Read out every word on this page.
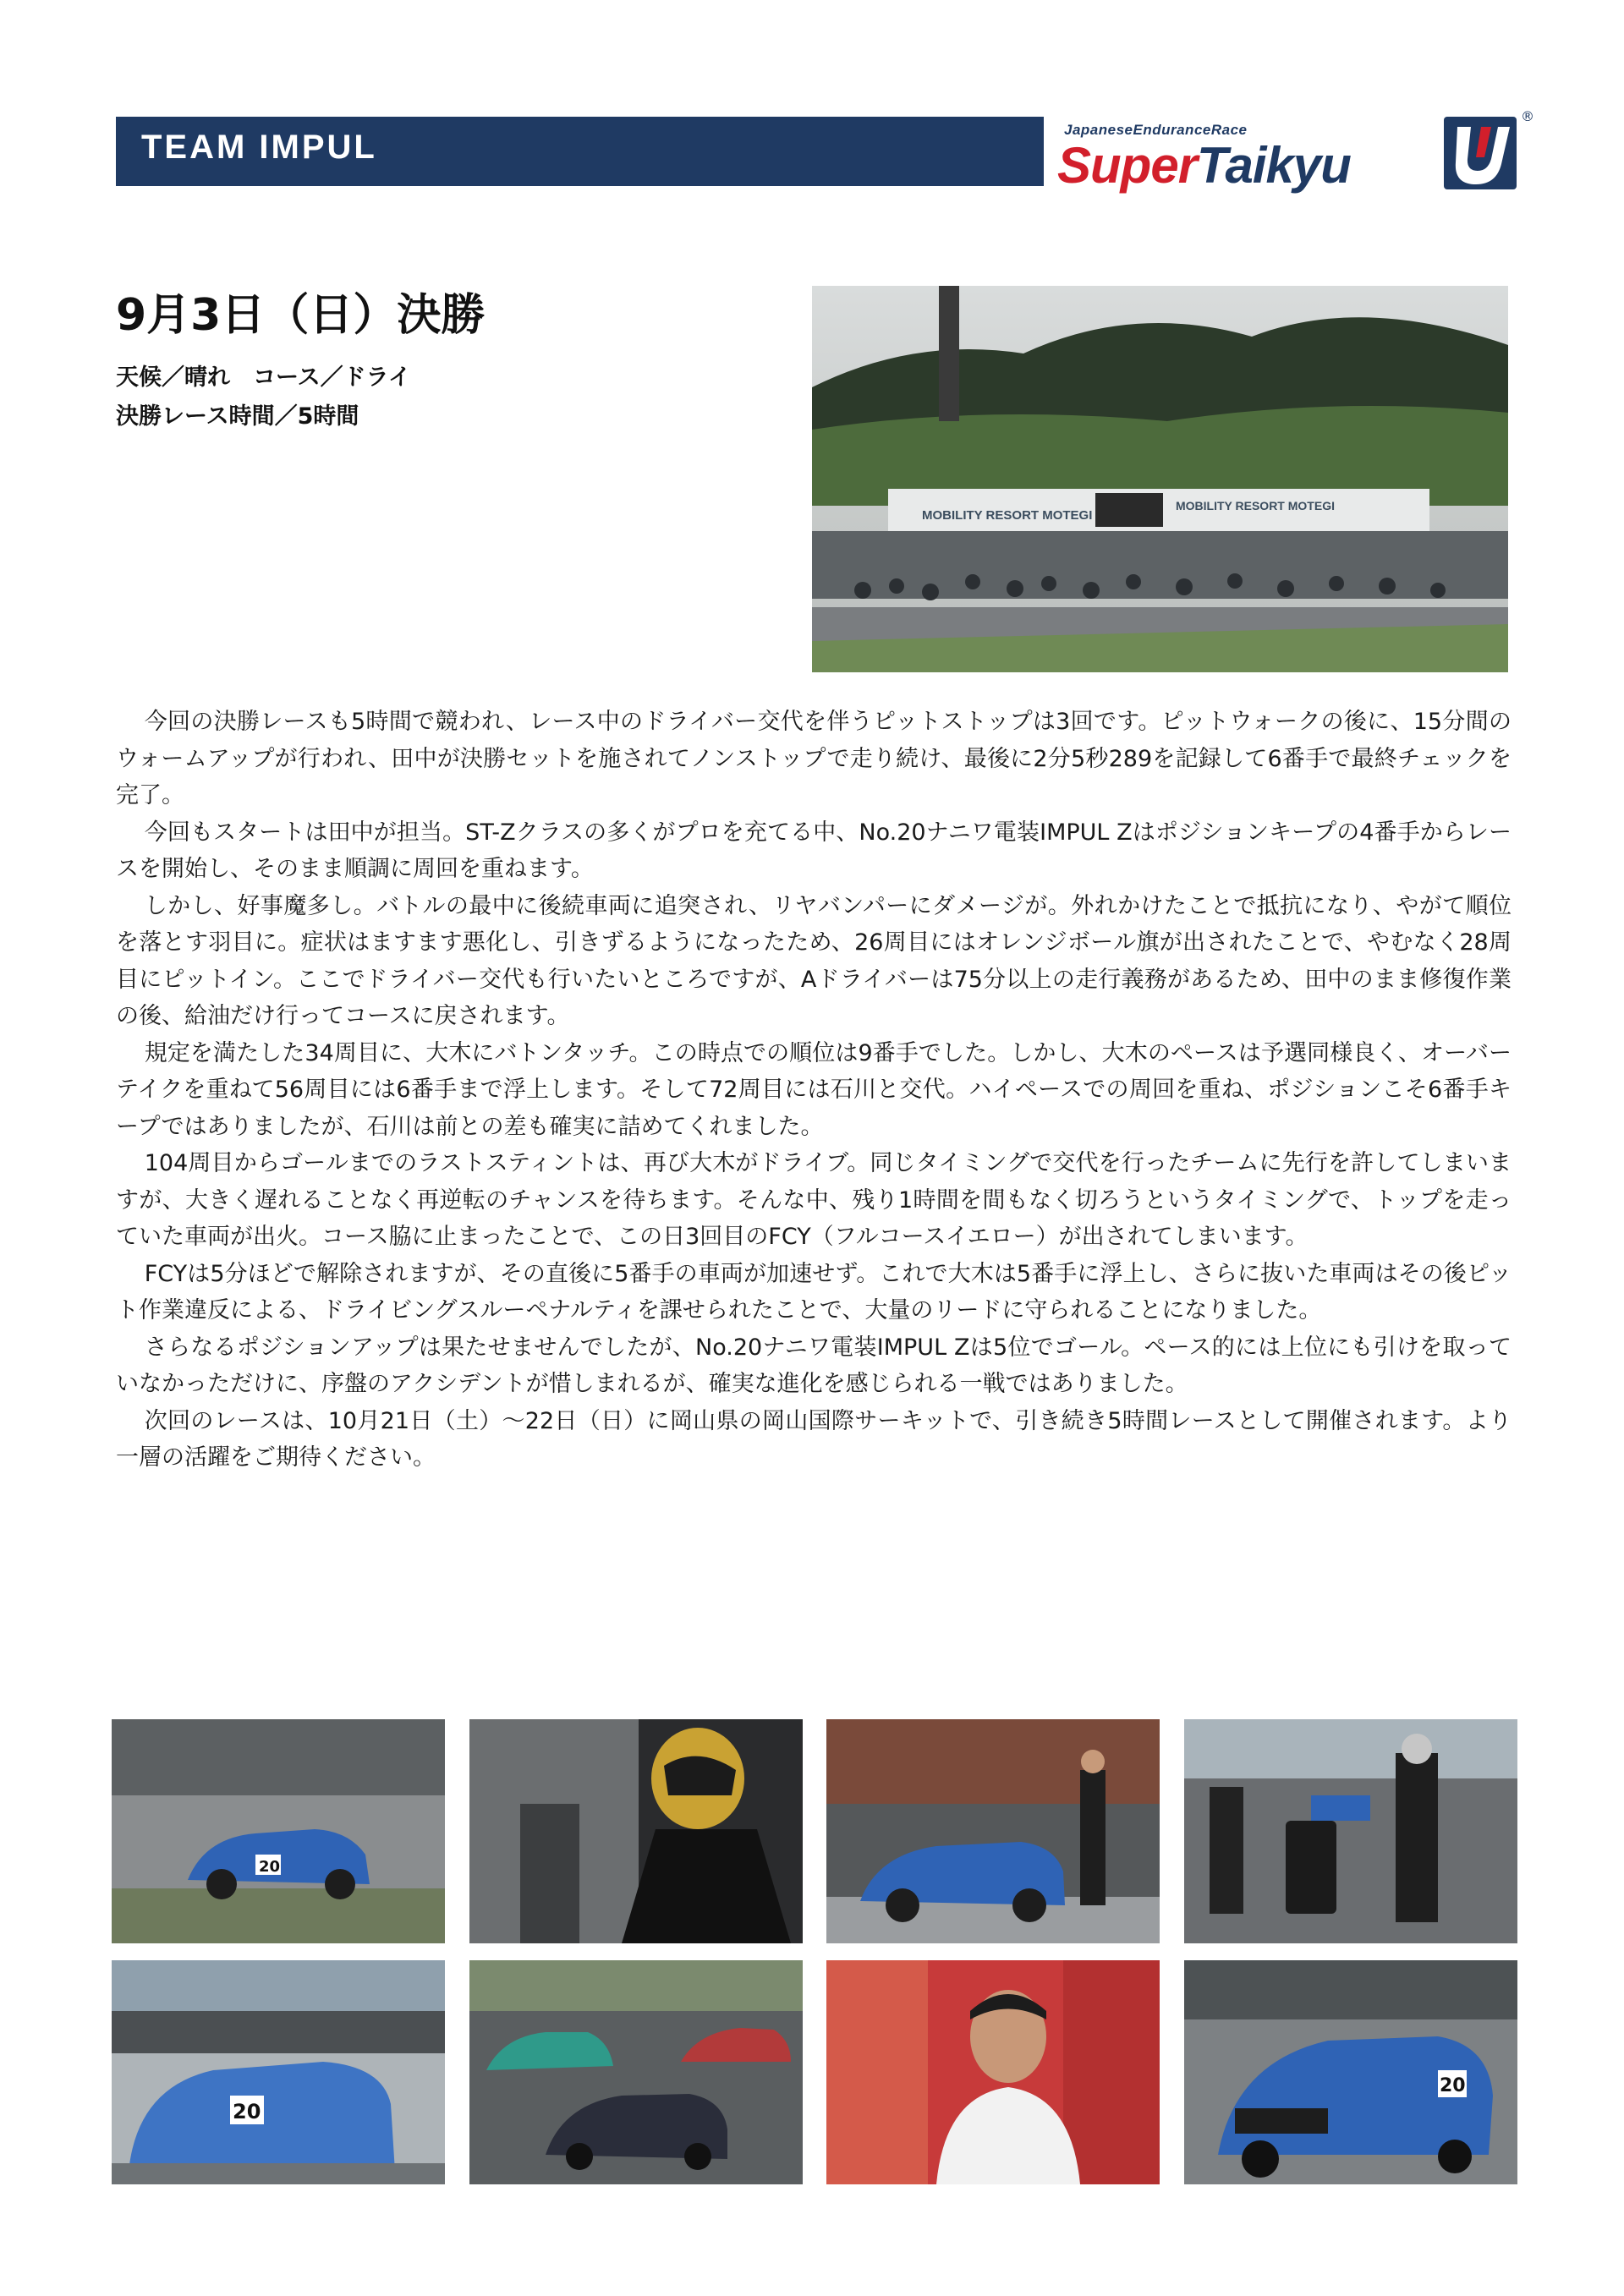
TEAM IMPUL	JapaneseEnduranceRace
SuperTaikyu
®
9月3日（日）決勝
天候／晴れ　コース／ドライ
決勝レース時間／5時間
MOBILITY RESORT MOTEGI
MOBILITY RESORT MOTEGI

今回の決勝レースも5時間で競われ、レース中のドライバー交代を伴うピットストップは3回です。ピットウォークの後に、15分間のウォームアップが行われ、田中が決勝セットを施されてノンストップで走り続け、最後に2分5秒289を記録して6番手で最終チェックを完了。

今回もスタートは田中が担当。ST-Zクラスの多くがプロを充てる中、No.20ナニワ電装IMPUL Zはポジションキープの4番手からレースを開始し、そのまま順調に周回を重ねます。

しかし、好事魔多し。バトルの最中に後続車両に追突され、リヤバンパーにダメージが。外れかけたことで抵抗になり、やがて順位を落とす羽目に。症状はますます悪化し、引きずるようになったため、26周目にはオレンジボール旗が出されたことで、やむなく28周目にピットイン。ここでドライバー交代も行いたいところですが、Aドライバーは75分以上の走行義務があるため、田中のまま修復作業の後、給油だけ行ってコースに戻されます。

規定を満たした34周目に、大木にバトンタッチ。この時点での順位は9番手でした。しかし、大木のペースは予選同様良く、オーバーテイクを重ねて56周目には6番手まで浮上します。そして72周目には石川と交代。ハイペースでの周回を重ね、ポジションこそ6番手キープではありましたが、石川は前との差も確実に詰めてくれました。

104周目からゴールまでのラストスティントは、再び大木がドライブ。同じタイミングで交代を行ったチームに先行を許してしまいますが、大きく遅れることなく再逆転のチャンスを待ちます。そんな中、残り1時間を間もなく切ろうというタイミングで、トップを走っていた車両が出火。コース脇に止まったことで、この日3回目のFCY（フルコースイエロー）が出されてしまいます。

FCYは5分ほどで解除されますが、その直後に5番手の車両が加速せず。これで大木は5番手に浮上し、さらに抜いた車両はその後ピット作業違反による、ドライビングスルーペナルティを課せられたことで、大量のリードに守られることになりました。

さらなるポジションアップは果たせませんでしたが、No.20ナニワ電装IMPUL Zは5位でゴール。ペース的には上位にも引けを取っていなかっただけに、序盤のアクシデントが惜しまれるが、確実な進化を感じられる一戦ではありました。

次回のレースは、10月21日（土）～22日（日）に岡山県の岡山国際サーキットで、引き続き5時間レースとして開催されます。より一層の活躍をご期待ください。

20
20
20
